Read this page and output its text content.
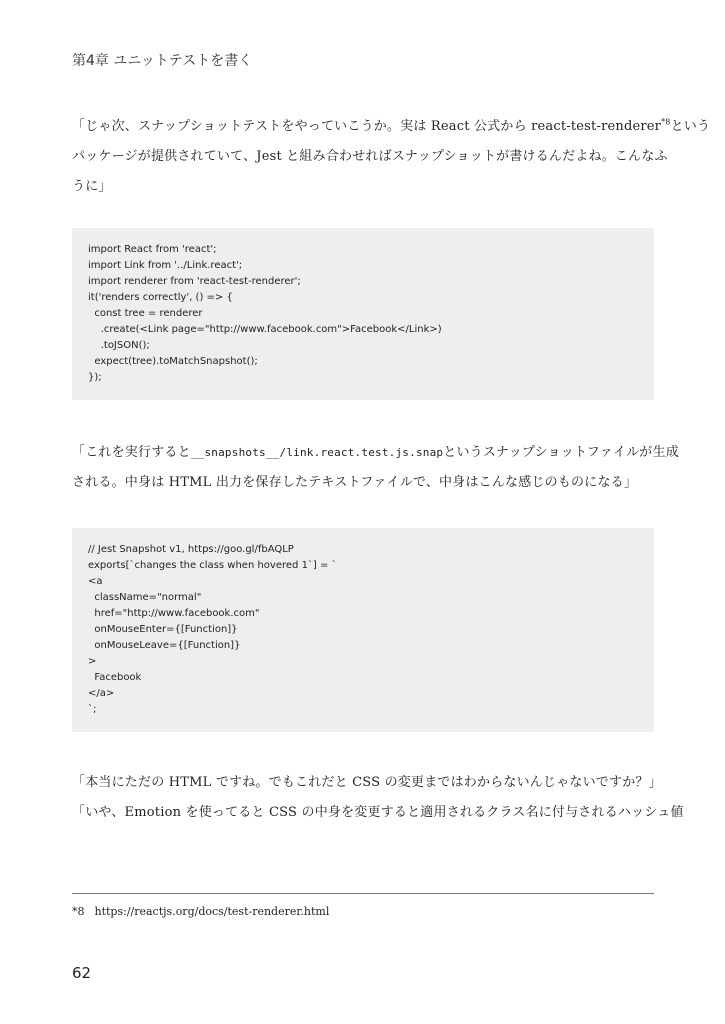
第4章 ユニットテストを書く
「じゃ次、スナップショットテストをやっていこうか。実は React 公式から react-test-renderer$^{*8}$という
パッケージが提供されていて、Jest と組み合わせればスナップショットが書けるんだよね。こんなふ
うに」
import React from 'react';
import Link from '../Link.react';
import renderer from 'react-test-renderer';
it('renders correctly', () => {
const tree = renderer
.create(<Link page="http://www.facebook.com">Facebook</Link>)
.toJSON();
expect(tree).toMatchSnapshot();
});
「これを実行すると__snapshots__/link.react.test.js.snapというスナップショットファイルが生成
される。中身は HTML 出力を保存したテキストファイルで、中身はこんな感じのものになる」
// Jest Snapshot v1, https://goo.gl/fbAQLP
exports[`changes the class when hovered 1`] = `
<a
className="normal"
href="http://www.facebook.com"
onMouseEnter={[Function]}
onMouseLeave={[Function]}
>
Facebook
</a>
`;
「本当にただの HTML ですね。でもこれだと CSS の変更まではわからないんじゃないですか？」
「いや、Emotion を使ってると CSS の中身を変更すると適用されるクラス名に付与されるハッシュ値
*8 https://reactjs.org/docs/test-renderer.html
62
